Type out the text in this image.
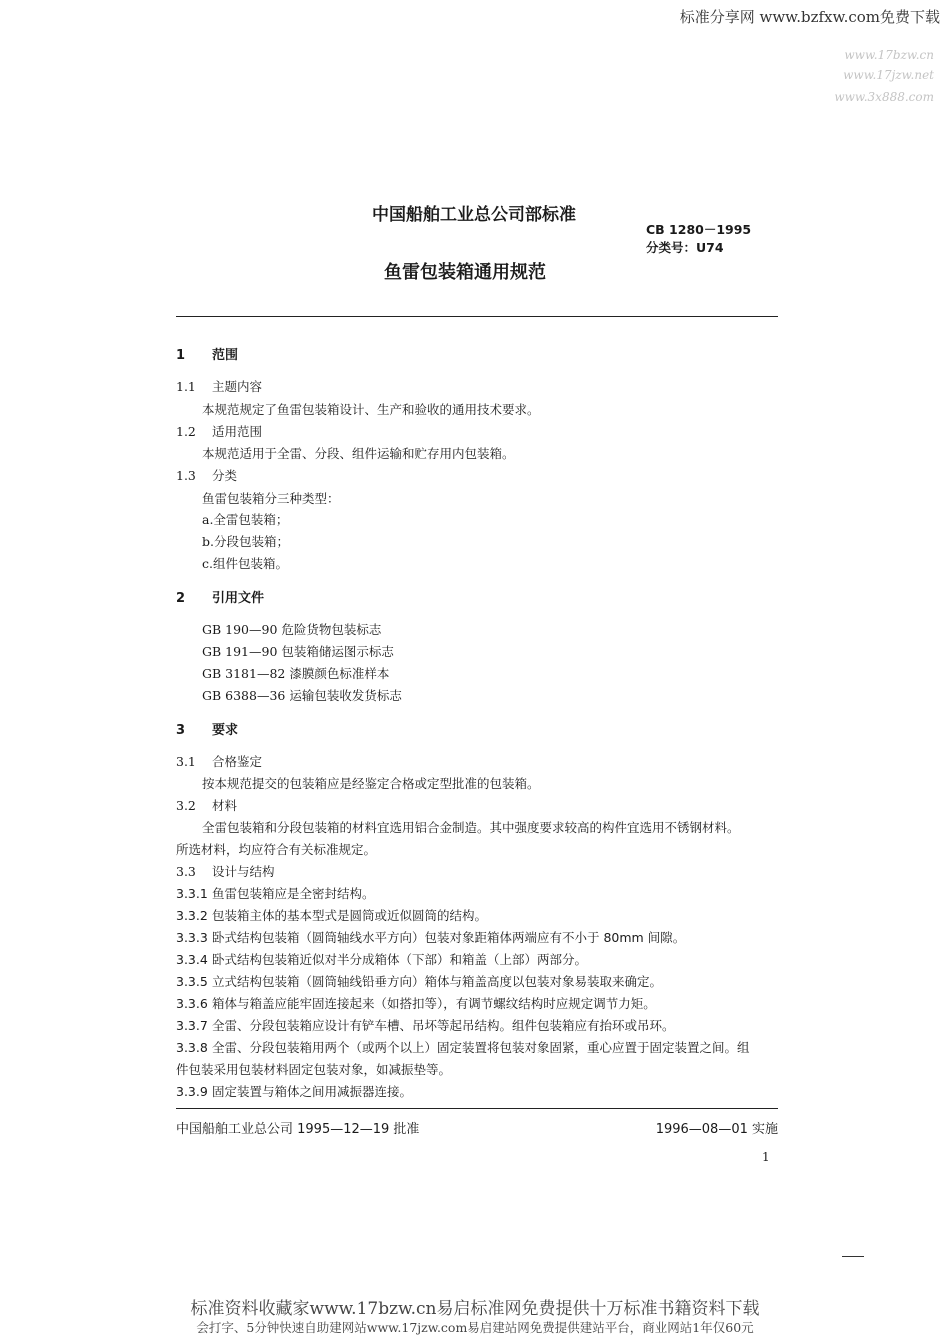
标准分享网 www.bzfxw.com免费下载
www.17bzw.cn
www.17jzw.net
www.3x888.com
中国船舶工业总公司部标准
CB 1280－1995
分类号：U74
鱼雷包装箱通用规范
1 范围
1.1 主题内容
本规范规定了鱼雷包装箱设计、生产和验收的通用技术要求。
1.2 适用范围
本规范适用于全雷、分段、组件运输和贮存用内包装箱。
1.3 分类
鱼雷包装箱分三种类型：
a.全雷包装箱；
b.分段包装箱；
c.组件包装箱。
2 引用文件
GB 190—90 危险货物包装标志
GB 191—90 包装箱储运图示标志
GB 3181—82 漆膜颜色标准样本
GB 6388—36 运输包装收发货标志
3 要求
3.1 合格鉴定
按本规范提交的包装箱应是经鉴定合格或定型批准的包装箱。
3.2 材料
全雷包装箱和分段包装箱的材料宜选用铝合金制造。其中强度要求较高的构件宜选用不锈钢材料。
所选材料，均应符合有关标准规定。
3.3 设计与结构
3.3.1 鱼雷包装箱应是全密封结构。
3.3.2 包装箱主体的基本型式是圆筒或近似圆筒的结构。
3.3.3 卧式结构包装箱（圆筒轴线水平方向）包装对象距箱体两端应有不小于 80mm 间隙。
3.3.4 卧式结构包装箱近似对半分成箱体（下部）和箱盖（上部）两部分。
3.3.5 立式结构包装箱（圆筒轴线铅垂方向）箱体与箱盖高度以包装对象易装取来确定。
3.3.6 箱体与箱盖应能牢固连接起来（如搭扣等），有调节螺纹结构时应规定调节力矩。
3.3.7 全雷、分段包装箱应设计有铲车槽、吊坏等起吊结构。组件包装箱应有抬环或吊环。
3.3.8 全雷、分段包装箱用两个（或两个以上）固定装置将包装对象固紧，重心应置于固定装置之间。组
件包装采用包装材料固定包装对象，如减振垫等。
3.3.9 固定装置与箱体之间用减振器连接。
中国船舶工业总公司 1995—12—19 批准	1996—08—01 实施
1
标准资料收藏家www.17bzw.cn易启标准网免费提供十万标准书籍资料下载
会打字、5分钟快速自助建网站www.17jzw.com易启建站网免费提供建站平台，商业网站1年仅60元
